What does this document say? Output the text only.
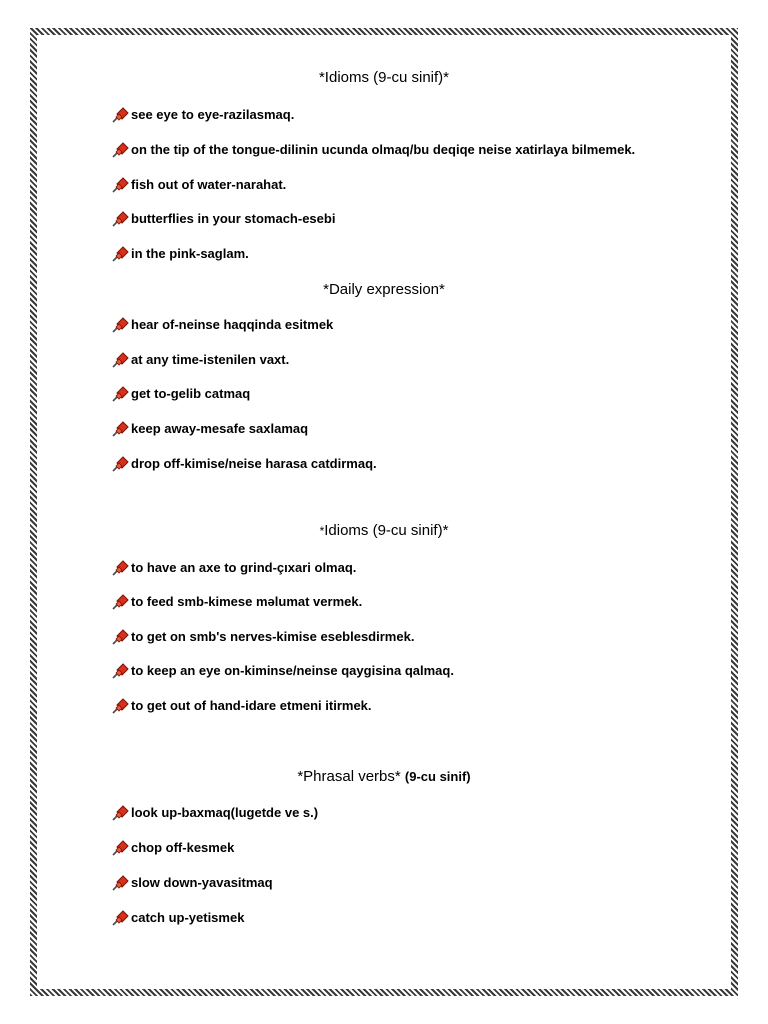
*Idioms (9-cu sinif)*
see eye to eye-razilasmaq.
on the tip of the tongue-dilinin ucunda olmaq/bu deqiqe neise xatirlaya bilmemek.
fish out of water-narahat.
butterflies in your stomach-esebi
in the pink-saglam.
*Daily expression*
hear of-neinse haqqinda esitmek
at any time-istenilen vaxt.
get to-gelib catmaq
keep away-mesafe saxlamaq
drop off-kimise/neise harasa catdirmaq.
*Idioms (9-cu sinif)*
to have an axe to grind-çıxari olmaq.
to feed smb-kimese məlumat vermek.
to get on smb's nerves-kimise eseblesdirmek.
to keep an eye on-kiminse/neinse qaygisina qalmaq.
to get out of hand-idare etmeni itirmek.
*Phrasal verbs* (9-cu sinif)
look up-baxmaq(lugetde ve s.)
chop off-kesmek
slow down-yavasitmaq
catch up-yetismek
